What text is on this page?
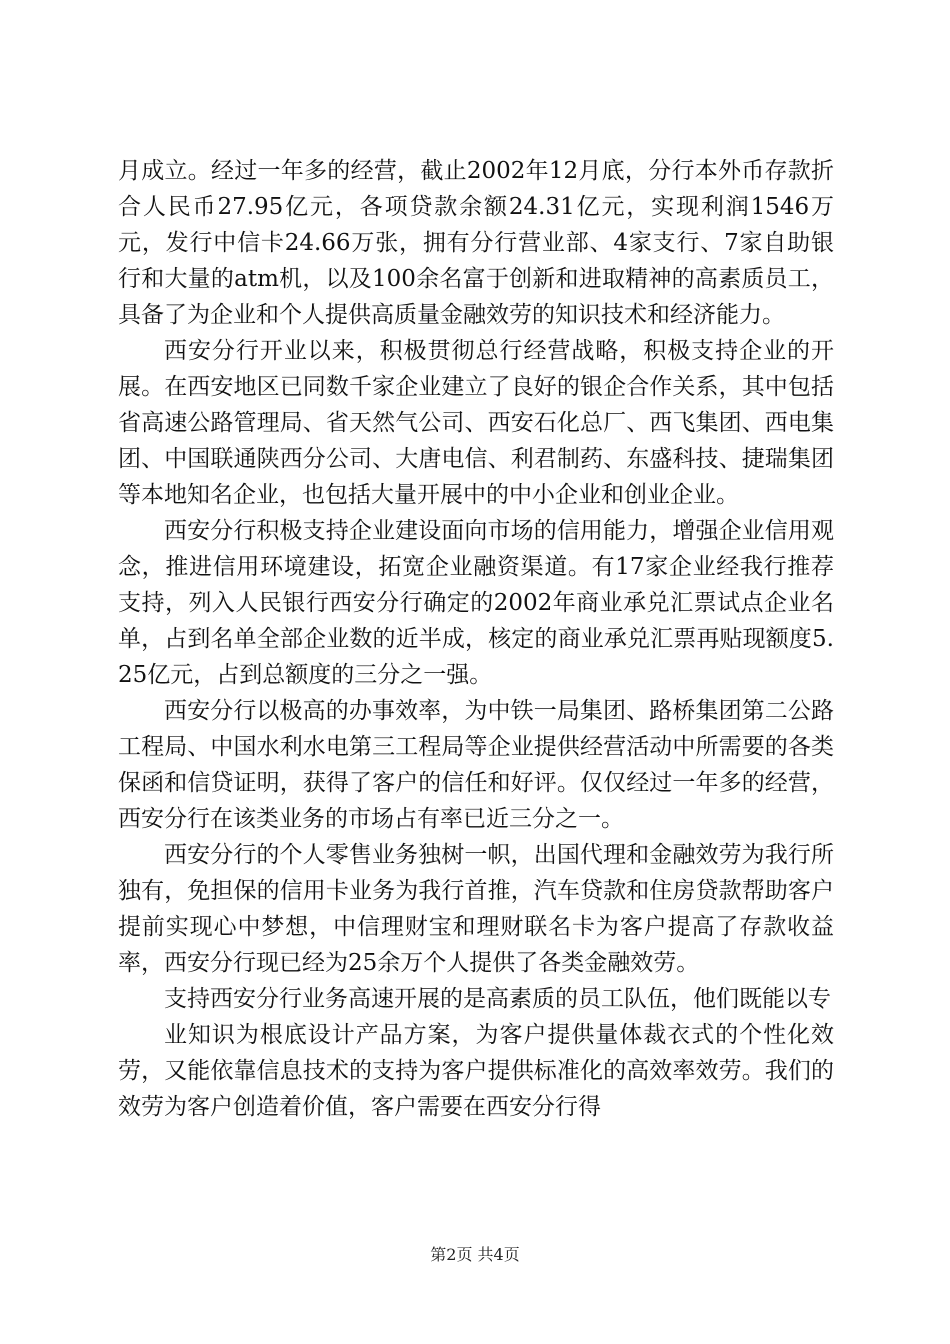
月成立。经过一年多的经营，截止2002年12月底，分行本外币存款折合人民币27.95亿元，各项贷款余额24.31亿元，实现利润1546万元，发行中信卡24.66万张，拥有分行营业部、4家支行、7家自助银行和大量的atm机，以及100余名富于创新和进取精神的高素质员工，具备了为企业和个人提供高质量金融效劳的知识技术和经济能力。

西安分行开业以来，积极贯彻总行经营战略，积极支持企业的开展。在西安地区已同数千家企业建立了良好的银企合作关系，其中包括省高速公路管理局、省天然气公司、西安石化总厂、西飞集团、西电集团、中国联通陕西分公司、大唐电信、利君制药、东盛科技、捷瑞集团等本地知名企业，也包括大量开展中的中小企业和创业企业。

西安分行积极支持企业建设面向市场的信用能力，增强企业信用观念，推进信用环境建设，拓宽企业融资渠道。有17家企业经我行推荐支持，列入人民银行西安分行确定的2002年商业承兑汇票试点企业名单，占到名单全部企业数的近半成，核定的商业承兑汇票再贴现额度5.25亿元，占到总额度的三分之一强。

西安分行以极高的办事效率，为中铁一局集团、路桥集团第二公路工程局、中国水利水电第三工程局等企业提供经营活动中所需要的各类保函和信贷证明，获得了客户的信任和好评。仅仅经过一年多的经营，西安分行在该类业务的市场占有率已近三分之一。

西安分行的个人零售业务独树一帜，出国代理和金融效劳为我行所独有，免担保的信用卡业务为我行首推，汽车贷款和住房贷款帮助客户提前实现心中梦想，中信理财宝和理财联名卡为客户提高了存款收益率，西安分行现已经为25余万个人提供了各类金融效劳。

支持西安分行业务高速开展的是高素质的员工队伍，他们既能以专

业知识为根底设计产品方案，为客户提供量体裁衣式的个性化效劳，又能依靠信息技术的支持为客户提供标准化的高效率效劳。我们的效劳为客户创造着价值，客户需要在西安分行得

第2页 共4页
